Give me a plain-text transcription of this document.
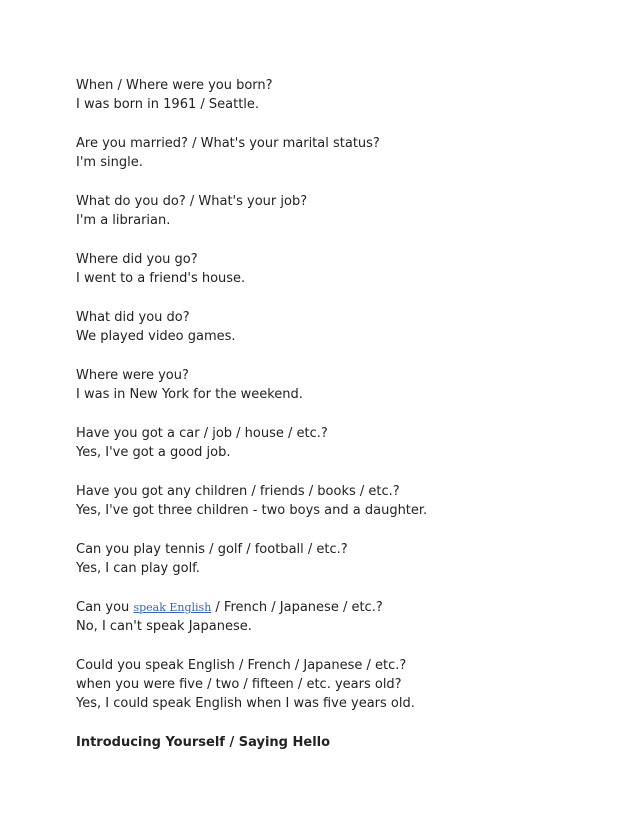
When / Where were you born?
I was born in 1961 / Seattle.
Are you married? / What's your marital status?
I'm single.
What do you do? / What's your job?
I'm a librarian.
Where did you go?
I went to a friend's house.
What did you do?
We played video games.
Where were you?
I was in New York for the weekend.
Have you got a car / job / house / etc.?
Yes, I've got a good job.
Have you got any children / friends / books / etc.?
Yes, I've got three children - two boys and a daughter.
Can you play tennis / golf / football / etc.?
Yes, I can play golf.
Can you speak English / French / Japanese / etc.?
No, I can't speak Japanese.
Could you speak English / French / Japanese / etc.?
when you were five / two / fifteen / etc. years old?
Yes, I could speak English when I was five years old.
Introducing Yourself / Saying Hello
